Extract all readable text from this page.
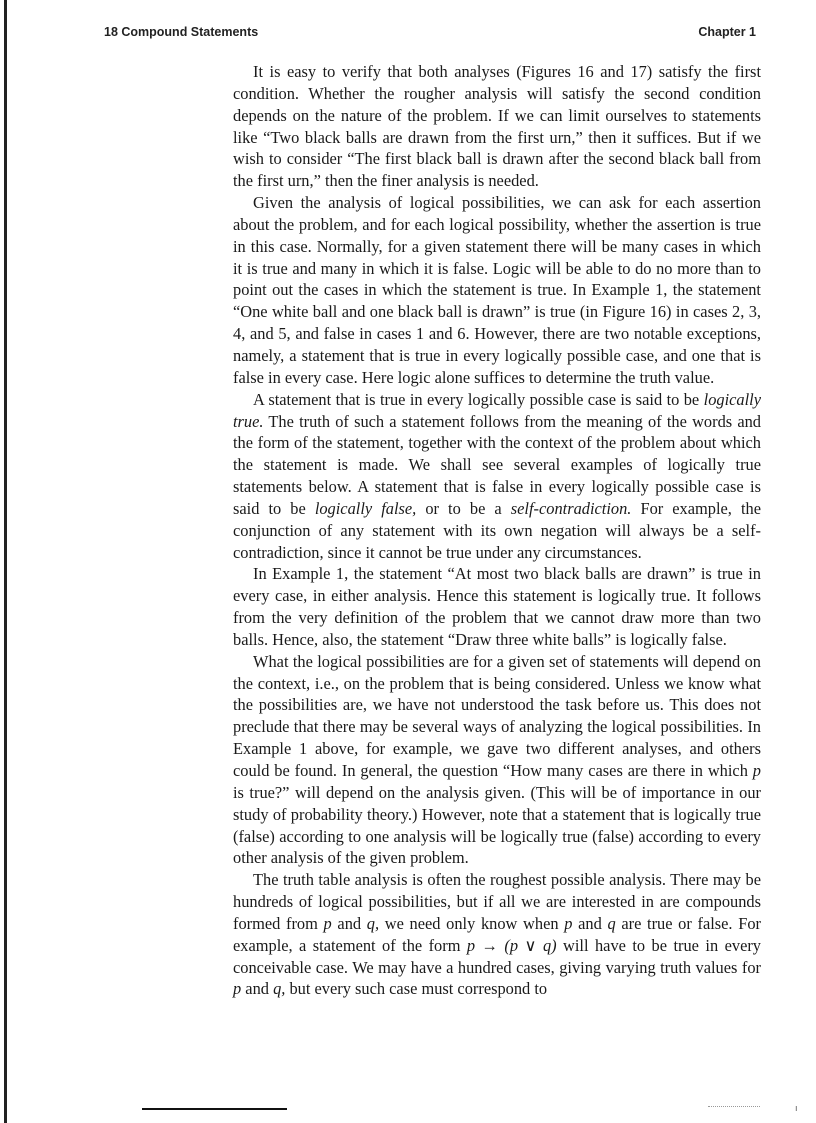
18 Compound Statements	Chapter 1

It is easy to verify that both analyses (Figures 16 and 17) satisfy the first condition. Whether the rougher analysis will satisfy the second condition depends on the nature of the problem. If we can limit ourselves to statements like “Two black balls are drawn from the first urn,” then it suffices. But if we wish to consider “The first black ball is drawn after the second black ball from the first urn,” then the finer analysis is needed.

Given the analysis of logical possibilities, we can ask for each assertion about the problem, and for each logical possibility, whether the assertion is true in this case. Normally, for a given statement there will be many cases in which it is true and many in which it is false. Logic will be able to do no more than to point out the cases in which the statement is true. In Example 1, the statement “One white ball and one black ball is drawn” is true (in Figure 16) in cases 2, 3, 4, and 5, and false in cases 1 and 6. However, there are two notable exceptions, namely, a statement that is true in every logically possible case, and one that is false in every case. Here logic alone suffices to determine the truth value.

A statement that is true in every logically possible case is said to be logically true. The truth of such a statement follows from the meaning of the words and the form of the statement, together with the context of the problem about which the statement is made. We shall see several examples of logically true statements below. A statement that is false in every logically possible case is said to be logically false, or to be a self-contradiction. For example, the conjunction of any statement with its own negation will always be a self-contradiction, since it cannot be true under any circumstances.

In Example 1, the statement “At most two black balls are drawn” is true in every case, in either analysis. Hence this statement is logically true. It follows from the very definition of the problem that we cannot draw more than two balls. Hence, also, the statement “Draw three white balls” is logically false.

What the logical possibilities are for a given set of statements will depend on the context, i.e., on the problem that is being considered. Unless we know what the possibilities are, we have not understood the task before us. This does not preclude that there may be several ways of analyzing the logical possibilities. In Example 1 above, for example, we gave two different analyses, and others could be found. In general, the question “How many cases are there in which p is true?” will depend on the analysis given. (This will be of importance in our study of probability theory.) However, note that a statement that is logically true (false) according to one analysis will be logically true (false) according to every other analysis of the given problem.

The truth table analysis is often the roughest possible analysis. There may be hundreds of logical possibilities, but if all we are interested in are compounds formed from p and q, we need only know when p and q are true or false. For example, a statement of the form p → (p ∨ q) will have to be true in every conceivable case. We may have a hundred cases, giving varying truth values for p and q, but every such case must correspond to

ı
